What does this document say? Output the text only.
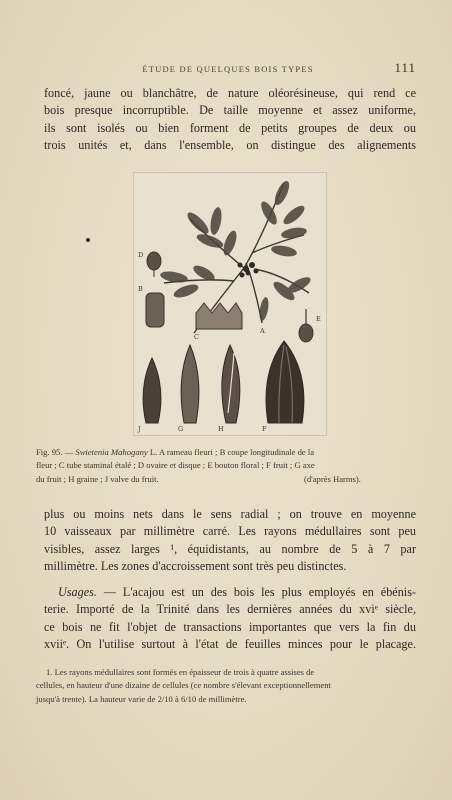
ÉTUDE DE QUELQUES BOIS TYPES	111
foncé, jaune ou blanchâtre, de nature oléorésineuse, qui rend ce
bois presque incorruptible. De taille moyenne et assez uniforme,
ils sont isolés ou bien forment de petits groupes de deux ou
trois unités et, dans l'ensemble, on distingue des alignements
A
B
C
D
E
F
G	H
J
Fig. 95. — Swietenia Mahogany L. A rameau fleuri ; B coupe longitudinale de la
fleur ; C tube staminal étalé ; D ovaire et disque ; E bouton floral ; F fruit ; G axe
du fruit ; H graine ; J valve du fruit.	(d'après Harms).
plus ou moins nets dans le sens radial ; on trouve en moyenne
10 vaisseaux par millimètre carré. Les rayons médullaires sont peu
visibles, assez larges ¹, équidistants, au nombre de 5 à 7 par
millimètre. Les zones d'accroissement sont très peu distinctes.
Usages. — L'acajou est un des bois les plus employés en ébénis-
terie. Importé de la Trinité dans les dernières années du xviᵉ siècle,
ce bois ne fit l'objet de transactions importantes que vers la fin du
xviiᵉ. On l'utilise surtout à l'état de feuilles minces pour le placage.
1. Les rayons médullaires sont formés en épaisseur de trois à quatre assises de
cellules, en hauteur d'une dizaine de cellules (ce nombre s'élevant exceptionnellement
jusqu'à trente). La hauteur varie de 2/10 à 6/10 de millimètre.
